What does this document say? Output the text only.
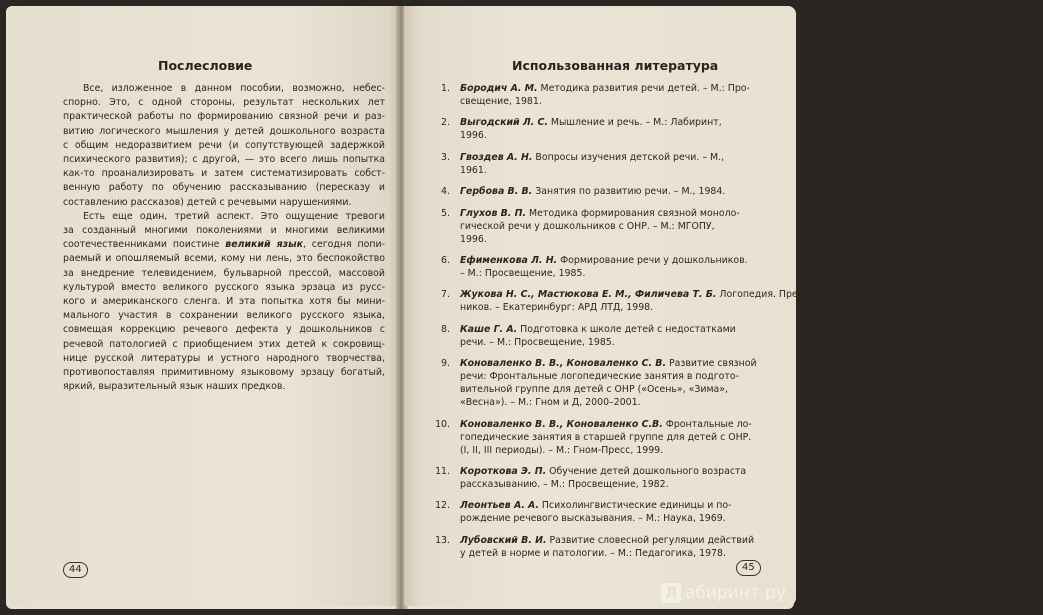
Послесловие
Все, изложенное в данном пособии, возможно, небес-
спорно. Это, с одной стороны, результат нескольких лет
практической работы по формированию связной речи и раз-
витию логического мышления у детей дошкольного возраста
с общим недоразвитием речи (и сопутствующей задержкой
психического развития); с другой, — это всего лишь попытка
как-то проанализировать и затем систематизировать собст-
венную работу по обучению рассказыванию (пересказу и
составлению рассказов) детей с речевыми нарушениями.
Есть еще один, третий аспект. Это ощущение тревоги
за созданный многими поколениями и многими великими
соотечественниками поистине великий язык, сегодня попи-
раемый и опошляемый всеми, кому ни лень, это беспокойство
за внедрение телевидением, бульварной прессой, массовой
культурой вместо великого русского языка эрзаца из русс-
кого и американского сленга. И эта попытка хотя бы мини-
мального участия в сохранении великого русского языка,
совмещая коррекцию речевого дефекта у дошкольников с
речевой патологией с приобщением этих детей к сокровищ-
нице русской литературы и устного народного творчества,
противопоставляя примитивному языковому эрзацу богатый,
яркий, выразительный язык наших предков.
44
Использованная литература
1. Бородич А. М. Методика развития речи детей. – М.: Про-
свещение, 1981.
2. Выгодский Л. С. Мышление и речь. – М.: Лабиринт,
1996.
3. Гвоздев А. Н. Вопросы изучения детской речи. – М.,
1961.
4. Гербова В. В. Занятия по развитию речи. – М., 1984.
5. Глухов В. П. Методика формирования связной моноло-
гической речи у дошкольников с ОНР. – М.: МГОПУ,
1996.
6. Ефименкова Л. Н. Формирование речи у дошкольников.
– М.: Просвещение, 1985.
7. Жукова Н. С., Мастюкова Е. М., Филичева Т. Б. Логопедия. Преодоление общего недоразвития речи у дошколь-
ников. – Екатеринбург: АРД ЛТД, 1998.
8. Каше Г. А. Подготовка к школе детей с недостатками
речи. – М.: Просвещение, 1985.
9. Коноваленко В. В., Коноваленко С. В. Развитие связной
речи: Фронтальные логопедические занятия в подгото-
вительной группе для детей с ОНР («Осень», «Зима»,
«Весна»). – М.: Гном и Д, 2000–2001.
10. Коноваленко В. В., Коноваленко С.В. Фронтальные ло-
гопедические занятия в старшей группе для детей с ОНР.
(I, II, III периоды). – М.: Гном-Пресс, 1999.
11. Короткова Э. П. Обучение детей дошкольного возраста
рассказыванию. – М.: Просвещение, 1982.
12. Леонтьев А. А. Психолингвистические единицы и по-
рождение речевого высказывания. – М.: Наука, 1969.
13. Лубовский В. И. Развитие словесной регуляции действий
у детей в норме и патологии. – М.: Педагогика, 1978.
45
Л абиринт.ру
